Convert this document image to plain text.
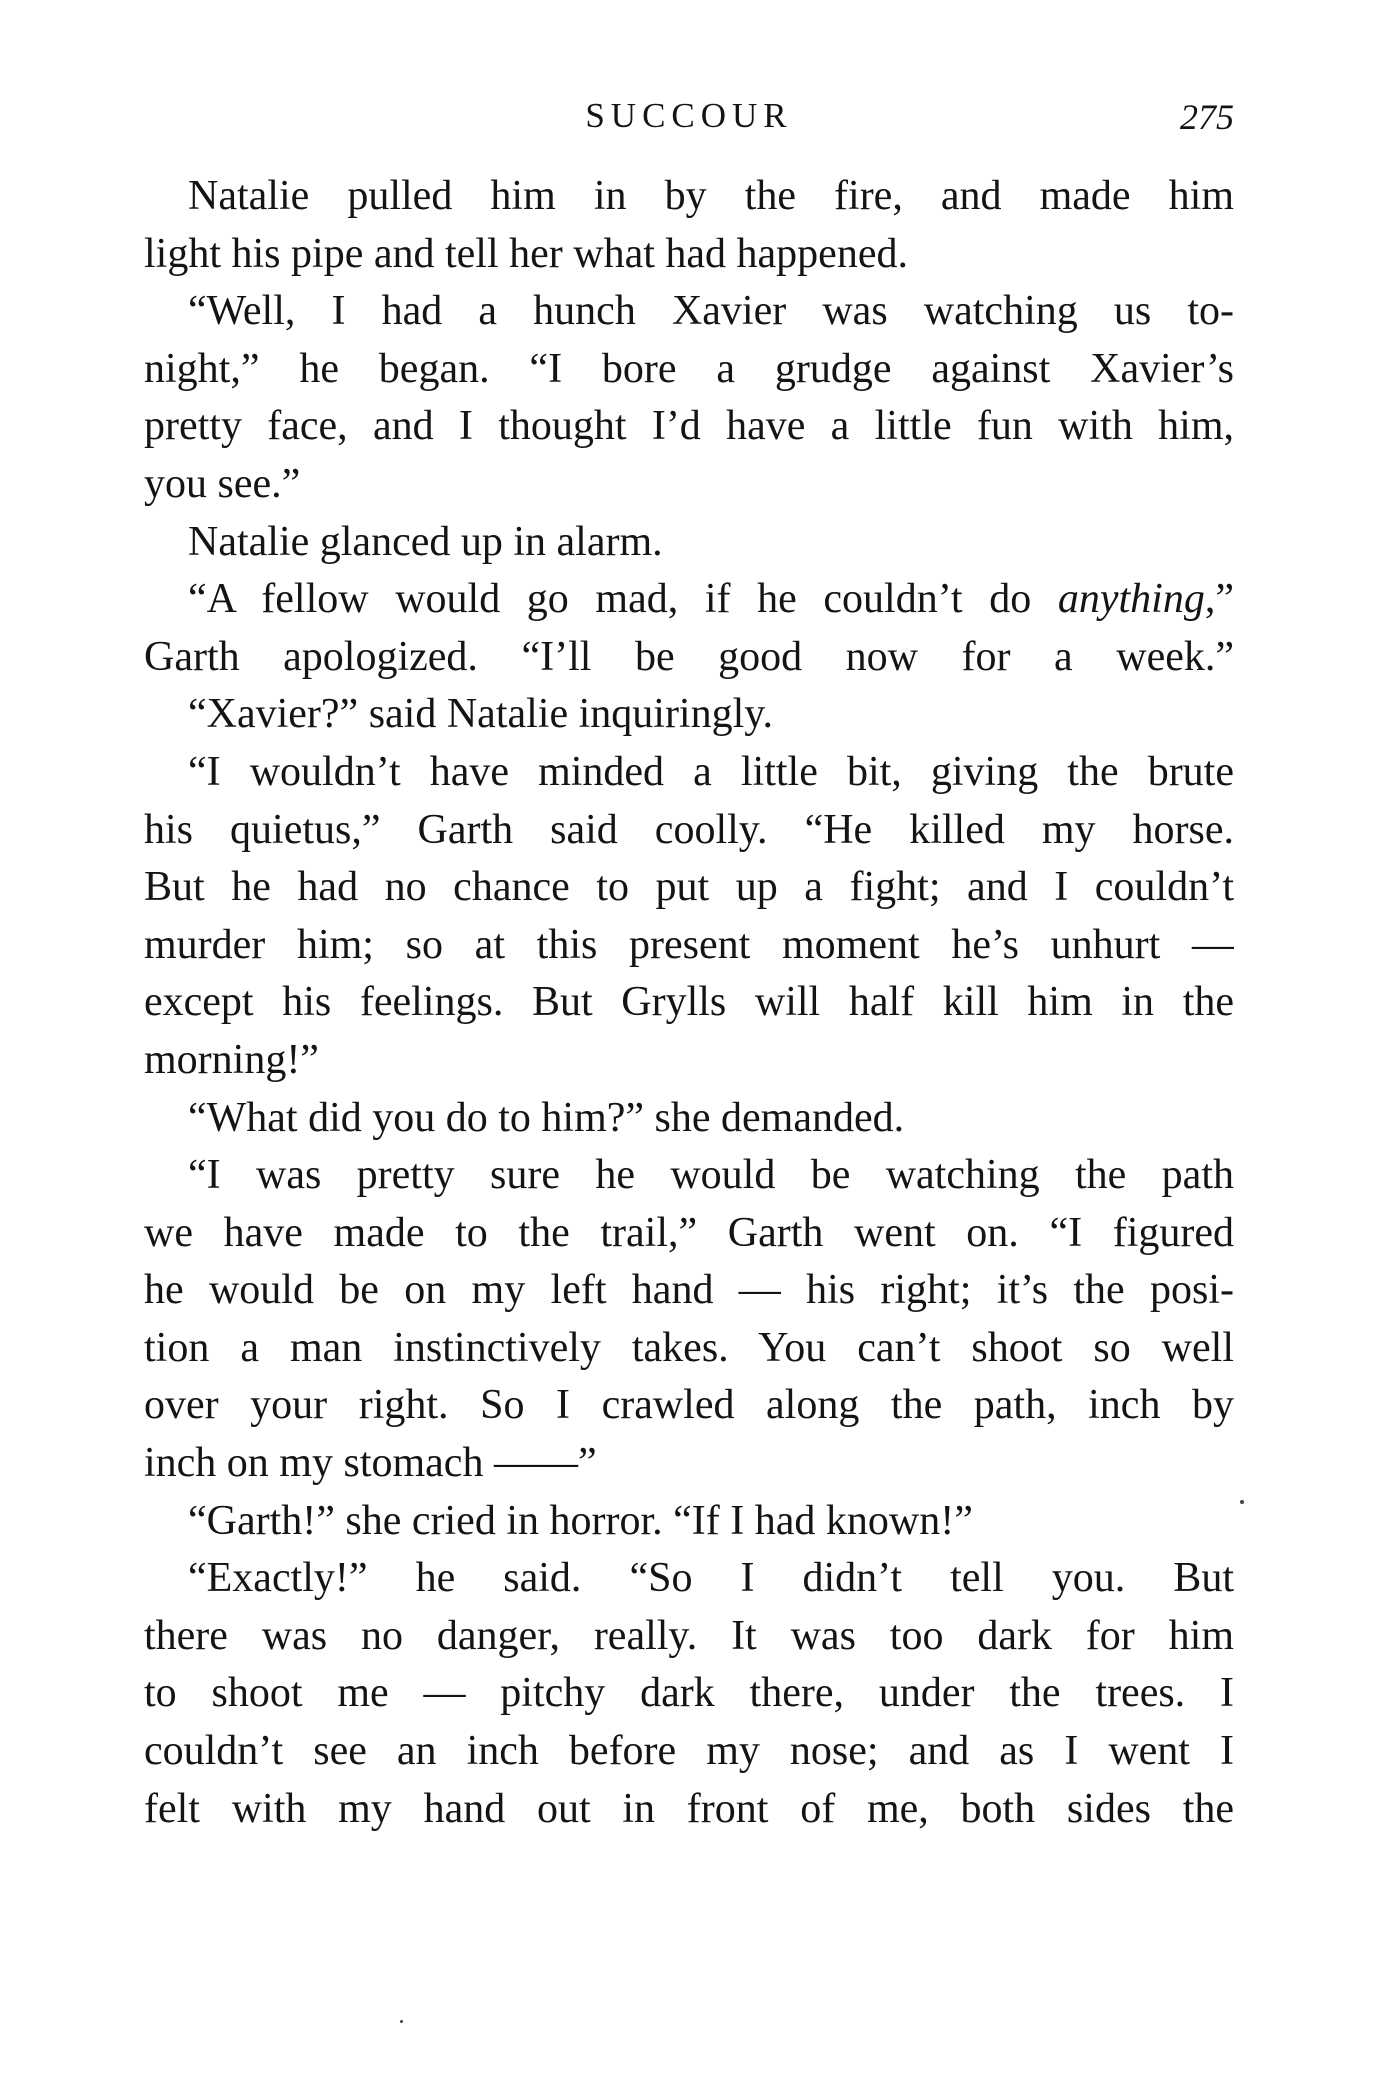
SUCCOUR	275
Natalie pulled him in by the fire, and made him
light his pipe and tell her what had happened.
“Well, I had a hunch Xavier was watching us to-
night,” he began. “I bore a grudge against Xavier’s
pretty face, and I thought I’d have a little fun with him,
you see.”
Natalie glanced up in alarm.
“A fellow would go mad, if he couldn’t do anything,”
Garth apologized. “I’ll be good now for a week.”
“Xavier?” said Natalie inquiringly.
“I wouldn’t have minded a little bit, giving the brute
his quietus,” Garth said coolly. “He killed my horse.
But he had no chance to put up a fight; and I couldn’t
murder him; so at this present moment he’s unhurt —
except his feelings. But Grylls will half kill him in the
morning!”
“What did you do to him?” she demanded.
“I was pretty sure he would be watching the path
we have made to the trail,” Garth went on. “I figured
he would be on my left hand — his right; it’s the posi-
tion a man instinctively takes. You can’t shoot so well
over your right. So I crawled along the path, inch by
inch on my stomach ——”
“Garth!” she cried in horror. “If I had known!”
“Exactly!” he said. “So I didn’t tell you. But
there was no danger, really. It was too dark for him
to shoot me — pitchy dark there, under the trees. I
couldn’t see an inch before my nose; and as I went I
felt with my hand out in front of me, both sides the
